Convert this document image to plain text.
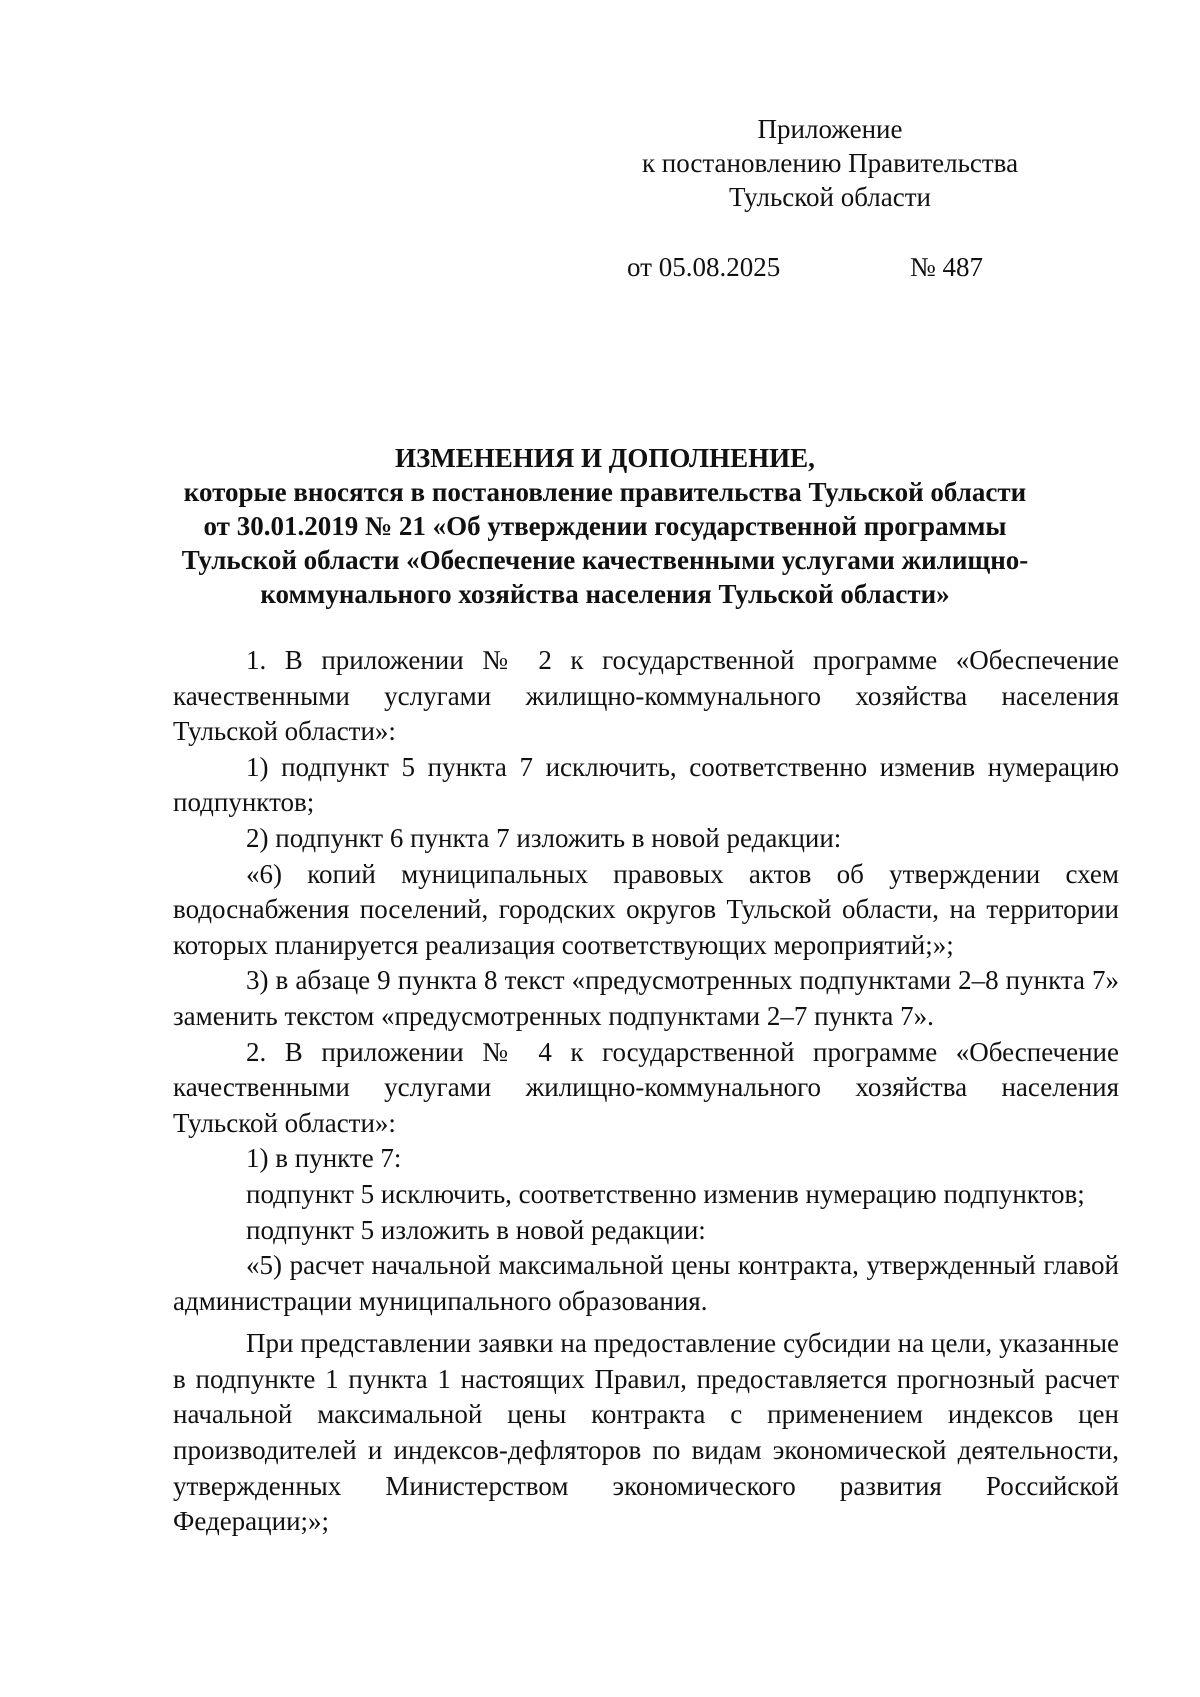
Приложение
к постановлению Правительства
Тульской области
от 05.08.2025	№ 487
ИЗМЕНЕНИЯ И ДОПОЛНЕНИЕ,
которые вносятся в постановление правительства Тульской области
от 30.01.2019 № 21 «Об утверждении государственной программы
Тульской области «Обеспечение качественными услугами жилищно-
коммунального хозяйства населения Тульской области»

1. В приложении № 2 к государственной программе «Обеспечение качественными услугами жилищно-коммунального хозяйства населения Тульской области»:

1) подпункт 5 пункта 7 исключить, соответственно изменив нумерацию подпунктов;

2) подпункт 6 пункта 7 изложить в новой редакции:

«6) копий муниципальных правовых актов об утверждении схем водоснабжения поселений, городских округов Тульской области, на территории которых планируется реализация соответствующих мероприятий;»;

3) в абзаце 9 пункта 8 текст «предусмотренных подпунктами 2–8 пункта 7» заменить текстом «предусмотренных подпунктами 2–7 пункта 7».

2. В приложении № 4 к государственной программе «Обеспечение качественными услугами жилищно-коммунального хозяйства населения Тульской области»:

1) в пункте 7:

подпункт 5 исключить, соответственно изменив нумерацию подпунктов;

подпункт 5 изложить в новой редакции:

«5) расчет начальной максимальной цены контракта, утвержденный главой администрации муниципального образования.

При представлении заявки на предоставление субсидии на цели, указанные в подпункте 1 пункта 1 настоящих Правил, предоставляется прогнозный расчет начальной максимальной цены контракта с применением индексов цен производителей и индексов-дефляторов по видам экономической деятельности, утвержденных Министерством экономического развития Российской Федерации;»;
